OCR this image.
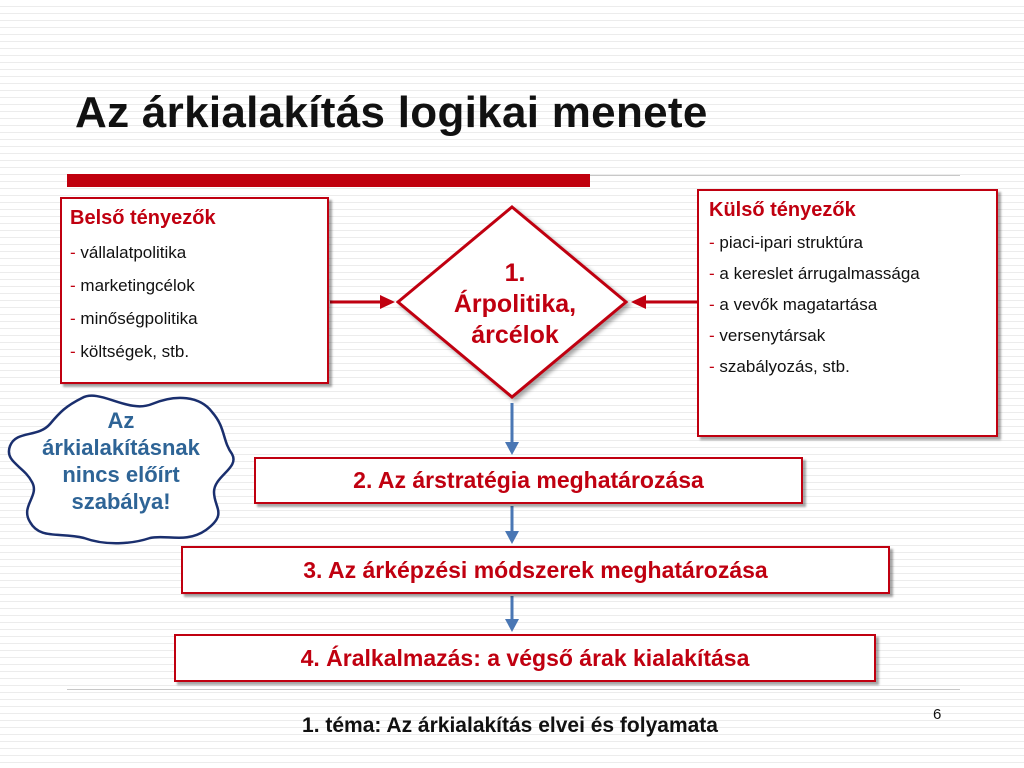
Az árkialakítás logikai menete
Belső tényezők
- vállalatpolitika
- marketingcélok
- minőségpolitika
- költségek, stb.
Külső tényezők
- piaci-ipari struktúra
- a kereslet árrugalmassága
- a vevők magatartása
- versenytársak
- szabályozás, stb.
1.
Árpolitika,
árcélok
Az
árkialakításnak
nincs előírt
szabálya!
2. Az árstratégia meghatározása
3. Az árképzési módszerek meghatározása
4. Áralkalmazás: a végső árak kialakítása
6
1. téma: Az árkialakítás elvei és folyamata
